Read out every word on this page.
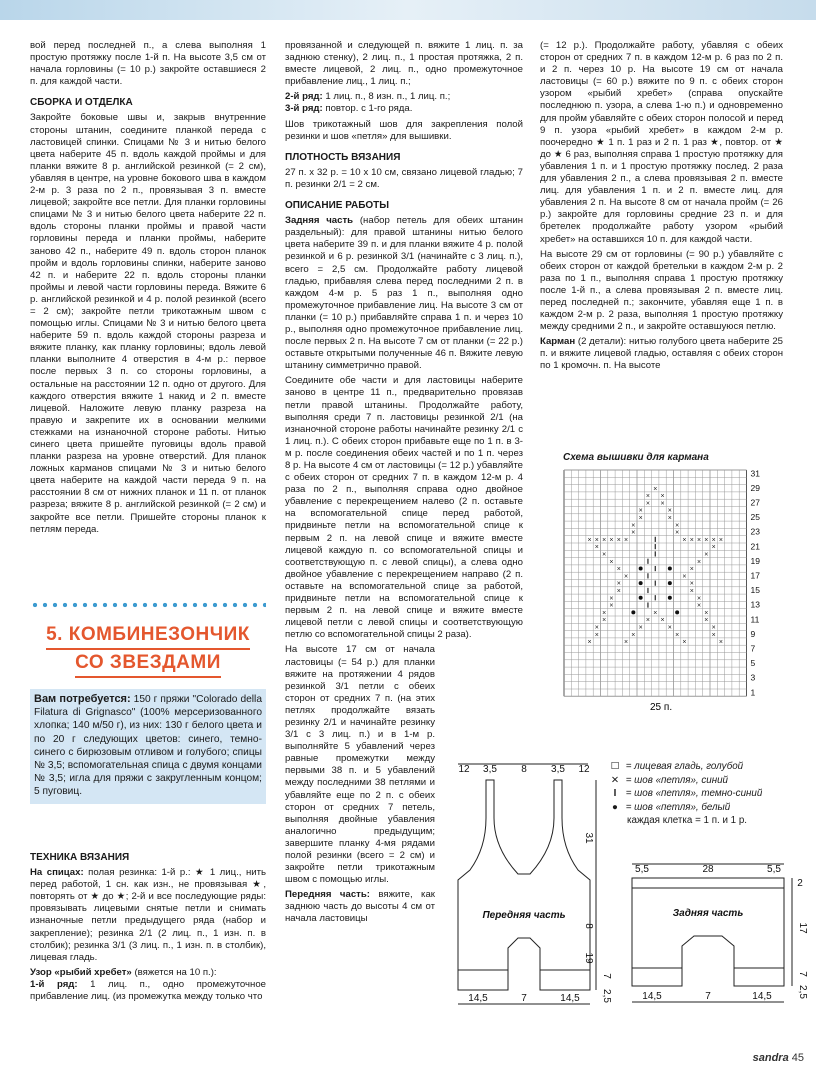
вой перед последней п., а слева выполняя 1 простую протяжку после 1-й п. На высоте 3,5 см от начала горловины (= 10 р.) закройте оставшиеся 2 п. для каждой части.

СБОРКА И ОТДЕЛКА

Закройте боковые швы и, закрыв внутренние стороны штанин, соедините планкой переда с ластовицей спинки. Спицами № 3 и нитью белого цвета наберите 45 п. вдоль каждой проймы и для планки вяжите 8 р. английской резинкой (= 2 см), убавляя в центре, на уровне бокового шва в каждом 2-м р. 3 раза по 2 п., провязывая 3 п. вместе лицевой; закройте все петли. Для планки горловины спицами № 3 и нитью белого цвета наберите 22 п. вдоль стороны планки проймы и правой части горловины переда и планки проймы, наберите заново 42 п., наберите 49 п. вдоль сторон планок пройм и вдоль горловины спинки, наберите заново 42 п. и наберите 22 п. вдоль стороны планки проймы и левой части горловины переда. Вяжите 6 р. английской резинкой и 4 р. полой резинкой (всего = 2 см); закройте петли трикотажным швом с помощью иглы. Спицами № 3 и нитью белого цвета наберите 59 п. вдоль каждой стороны разреза и вяжите планку, как планку горловины; вдоль левой планки выполните 4 отверстия в 4-м р.: первое после первых 3 п. со стороны горловины, а остальные на расстоянии 12 п. одно от другого. Для каждого отверстия вяжите 1 накид и 2 п. вместе лицевой. Наложите левую планку разреза на правую и закрепите их в основании мелкими стежками на изнаночной стороне работы. Нитью синего цвета пришейте пуговицы вдоль правой планки разреза на уровне отверстий. Для планок ложных карманов спицами № 3 и нитью белого цвета наберите на каждой части переда 9 п. на расстоянии 8 см от нижних планок и 11 п. от планок разреза; вяжите 8 р. английской резинкой (= 2 см) и закройте все петли. Пришейте стороны планок к петлям переда.

5. КОМБИНЕЗОНЧИК
СО ЗВЕЗДАМИ
Вам потребуется: 150 г пряжи "Colorado della Filatura di Grignasco" (100% мерсеризованного хлопка; 140 м/50 г), из них: 130 г белого цвета и по 20 г следующих цветов: синего, темно-синего с бирюзовым отливом и голубого; спицы № 3,5; вспомогательная спица с двумя концами № 3,5; игла для пряжи с закругленным концом; 5 пуговиц.
ТЕХНИКА ВЯЗАНИЯ

На спицах: полая резинка: 1-й р.: ★ 1 лиц., нить перед работой, 1 сн. как изн., не провязывая ★, повторять от ★ до ★; 2-й и все последующие ряды: провязывать лицевыми снятые петли и снимать изнаночные петли предыдущего ряда (набор и закрепление); резинка 2/1 (2 лиц. п., 1 изн. п. в столбик); резинка 3/1 (3 лиц. п., 1 изн. п. в столбик), лицевая гладь.

Узор «рыбий хребет» (вяжется на 10 п.):
1-й ряд: 1 лиц. п., одно промежуточное прибавление лиц. (из промежутка между только что

провязанной и следующей п. вяжите 1 лиц. п. за заднюю стенку), 2 лиц. п., 1 простая протяжка, 2 п. вместе лицевой, 2 лиц. п., одно промежуточное прибавление лиц., 1 лиц. п.;

2-й ряд: 1 лиц. п., 8 изн. п., 1 лиц. п.;

3-й ряд: повтор. с 1-го ряда.

Шов трикотажный шов для закрепления полой резинки и шов «петля» для вышивки.

ПЛОТНОСТЬ ВЯЗАНИЯ

27 п. x 32 р. = 10 x 10 см, связано лицевой гладью; 7 п. резинки 2/1 = 2 см.

ОПИСАНИЕ РАБОТЫ

Задняя часть (набор петель для обеих штанин раздельный): для правой штанины нитью белого цвета наберите 39 п. и для планки вяжите 4 р. полой резинкой и 6 р. резинкой 3/1 (начинайте с 3 лиц. п.), всего = 2,5 см. Продолжайте работу лицевой гладью, прибавляя слева перед последними 2 п. в каждом 4-м р. 5 раз 1 п., выполняя одно промежуточное прибавление лиц. На высоте 3 см от планки (= 10 р.) прибавляйте справа 1 п. и через 10 р., выполняя одно промежуточное прибавление лиц. после первых 2 п. На высоте 7 см от планки (= 22 р.) оставьте открытыми полученные 46 п. Вяжите левую штанину симметрично правой.

Соедините обе части и для ластовицы наберите заново в центре 11 п., предварительно провязав петли правой штанины. Продолжайте работу, выполняя среди 7 п. ластовицы резинкой 2/1 (на изнаночной стороне работы начинайте резинку 2/1 с 1 лиц. п.). С обеих сторон прибавьте еще по 1 п. в 3-м р. после соединения обеих частей и по 1 п. через 8 р. На высоте 4 см от ластовицы (= 12 р.) убавляйте с обеих сторон от средних 7 п. в каждом 12-м р. 4 раза по 2 п., выполняя справа одно двойное убавление с перекрещением налево (2 п. оставьте на вспомогательной спице перед работой, придвиньте петли на вспомогательной спице к первым 2 п. на левой спице и вяжите вместе лицевой каждую п. со вспомогательной спицы и соответствующую п. с левой спицы), а слева одно двойное убавление с перекрещением направо (2 п. оставьте на вспомогательной спице за работой, придвиньте петли на вспомогательной спице к первым 2 п. на левой спице и вяжите вместе лицевой петли с левой спицы и соответствующую петлю со вспомогательной спицы 2 раза).

На высоте 17 см от начала ластовицы (= 54 р.) для планки вяжите на протяжении 4 рядов резинкой 3/1 петли с обеих сторон от средних 7 п. (на этих петлях продолжайте вязать резинку 2/1 и начинайте резинку 3/1 с 3 лиц. п.) и в 1-м р. выполняйте 5 убавлений через равные промежутки между первыми 38 п. и 5 убавлений между последними 38 петлями и убавляйте еще по 2 п. с обеих сторон от средних 7 петель, выполняя двойные убавления аналогично предыдущим; завершите планку 4-мя рядами полой резинки (всего = 2 см) и закройте петли трикотажным швом с помощью иглы.

Передняя часть: вяжите, как заднюю часть до высоты 4 см от начала ластовицы

(= 12 р.). Продолжайте работу, убавляя с обеих сторон от средних 7 п. в каждом 12-м р. 6 раз по 2 п. и 2 п. через 10 р. На высоте 19 см от начала ластовицы (= 60 р.) вяжите по 9 п. с обеих сторон узором «рыбий хребет» (справа опускайте последнюю п. узора, а слева 1-ю п.) и одновременно для пройм убавляйте с обеих сторон полосой и перед 9 п. узора «рыбий хребет» в каждом 2-м р. поочередно ★ 1 п. 1 раз и 2 п. 1 раз ★, повтор. от ★ до ★ 6 раз, выполняя справа 1 простую протяжку для убавления 1 п. и 1 простую протяжку послед. 2 раза для убавления 2 п., а слева провязывая 2 п. вместе лиц. для убавления 1 п. и 2 п. вместе лиц. для убавления 2 п. На высоте 8 см от начала пройм (= 26 р.) закройте для горловины средние 23 п. и для бретелек продолжайте работу узором «рыбий хребет» на оставшихся 10 п. для каждой части.

На высоте 29 см от горловины (= 90 р.) убавляйте с обеих сторон от каждой бретельки в каждом 2-м р. 2 раза по 1 п., выполняя справа 1 простую протяжку после 1-й п., а слева провязывая 2 п. вместе лиц. перед последней п.; закончите, убавляя еще 1 п. в каждом 2-м р. 2 раза, выполняя 1 простую протяжку между средними 2 п., и закройте оставшуюся петлю.

Карман (2 детали): нитью голубого цвета наберите 25 п. и вяжите лицевой гладью, оставляя с обеих сторон по 1 кромочн. п. На высоте

Схема вышивки для кармана
×
× ×
× ×
×	×
×	×
×	×
×	×
× × × × × ×	× × × × × ×
×	×
×	×
×	×
×	×
×	×
×	×
×	×
×	×
×	×
×	×	×
×	× ×	×
×	×	×	×
×	×	×	×
×	×	×	×
1
3
5
7
9
11
13
15
17
19
21
23
25
27
29
31
25 п.
☐ = лицевая гладь, голубой
✕ = шов «петля», синий
I = шов «петля», темно-синий
● = шов «петля», белый
каждая клетка = 1 п. и 1 р.
12 3,5 8 3,5 12
31
8
19
7
2,5
14,5	7	14,5
Передняя часть
5,5	28	5,5
2
17
7
2,5
14,5	7	14,5
Задняя часть
sandra 45
